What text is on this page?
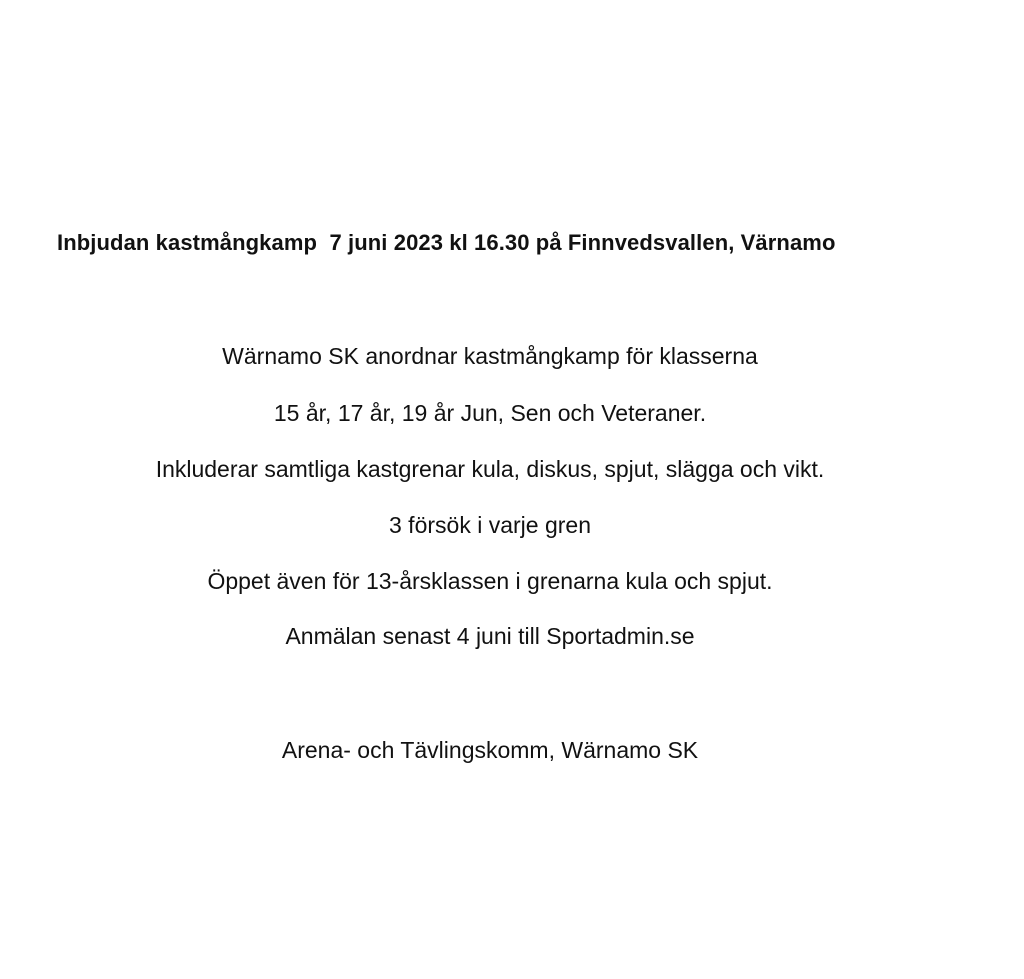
Inbjudan kastmångkamp  7 juni 2023 kl 16.30 på Finnvedsvallen, Värnamo
Wärnamo SK anordnar kastmångkamp för klasserna
15 år, 17 år, 19 år Jun, Sen och Veteraner.
Inkluderar samtliga kastgrenar kula, diskus, spjut, slägga och vikt.
3 försök i varje gren
Öppet även för 13-årsklassen i grenarna kula och spjut.
Anmälan senast 4 juni till Sportadmin.se
Arena- och Tävlingskomm, Wärnamo SK
